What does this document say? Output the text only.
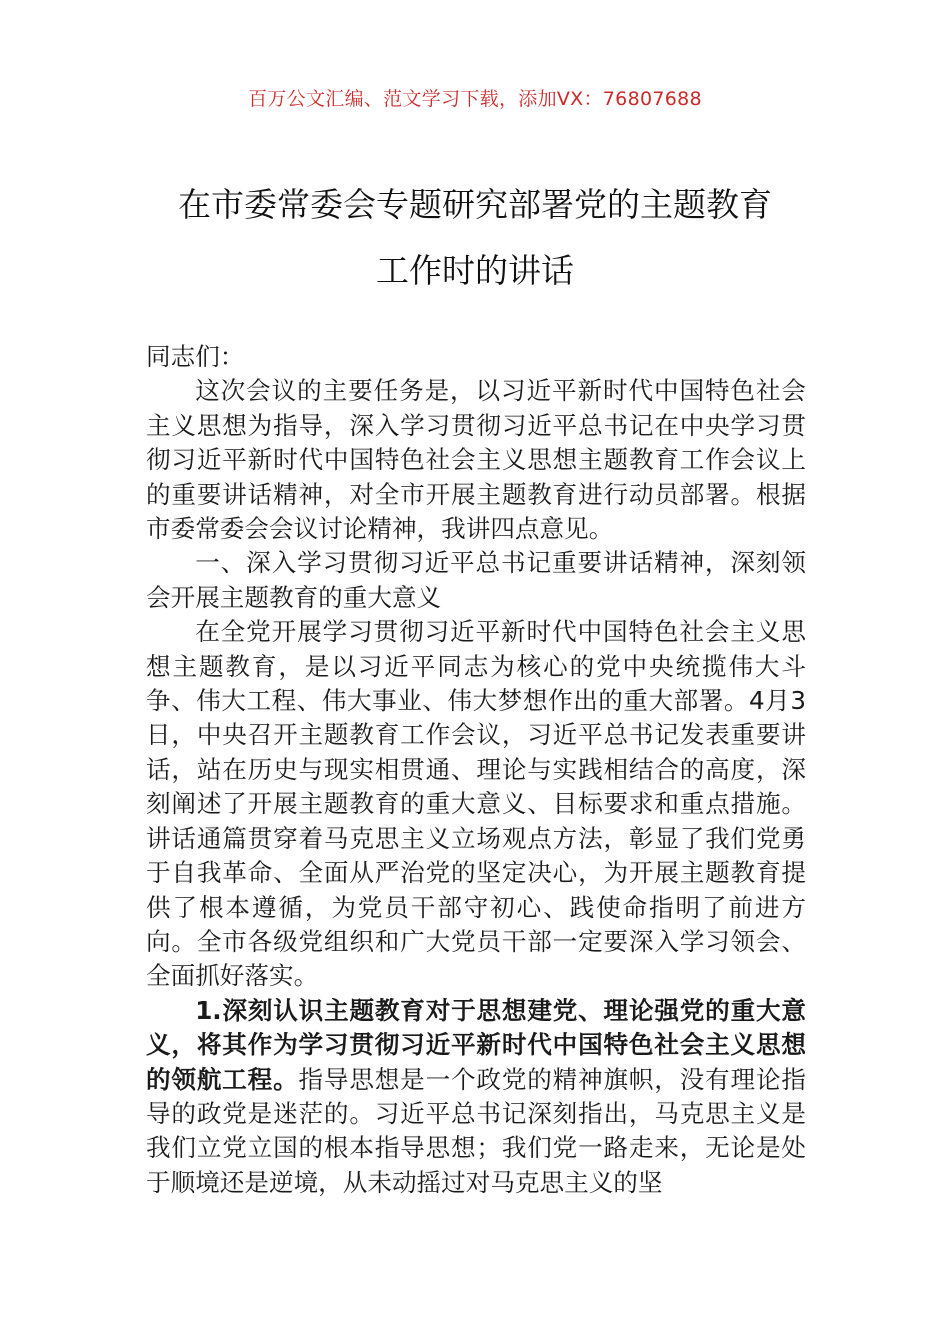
百万公文汇编、范文学习下载，添加VX：76807688
在市委常委会专题研究部署党的主题教育
工作时的讲话

同志们：

这次会议的主要任务是，以习近平新时代中国特色社会主义思想为指导，深入学习贯彻习近平总书记在中央学习贯彻习近平新时代中国特色社会主义思想主题教育工作会议上的重要讲话精神，对全市开展主题教育进行动员部署。根据市委常委会会议讨论精神，我讲四点意见。

一、深入学习贯彻习近平总书记重要讲话精神，深刻领会开展主题教育的重大意义

在全党开展学习贯彻习近平新时代中国特色社会主义思想主题教育，是以习近平同志为核心的党中央统揽伟大斗争、伟大工程、伟大事业、伟大梦想作出的重大部署。4月3日，中央召开主题教育工作会议，习近平总书记发表重要讲话，站在历史与现实相贯通、理论与实践相结合的高度，深刻阐述了开展主题教育的重大意义、目标要求和重点措施。讲话通篇贯穿着马克思主义立场观点方法，彰显了我们党勇于自我革命、全面从严治党的坚定决心，为开展主题教育提供了根本遵循，为党员干部守初心、践使命指明了前进方向。全市各级党组织和广大党员干部一定要深入学习领会、全面抓好落实。

1.深刻认识主题教育对于思想建党、理论强党的重大意义，将其作为学习贯彻习近平新时代中国特色社会主义思想的领航工程。指导思想是一个政党的精神旗帜，没有理论指导的政党是迷茫的。习近平总书记深刻指出，马克思主义是我们立党立国的根本指导思想；我们党一路走来，无论是处于顺境还是逆境，从未动摇过对马克思主义的坚
